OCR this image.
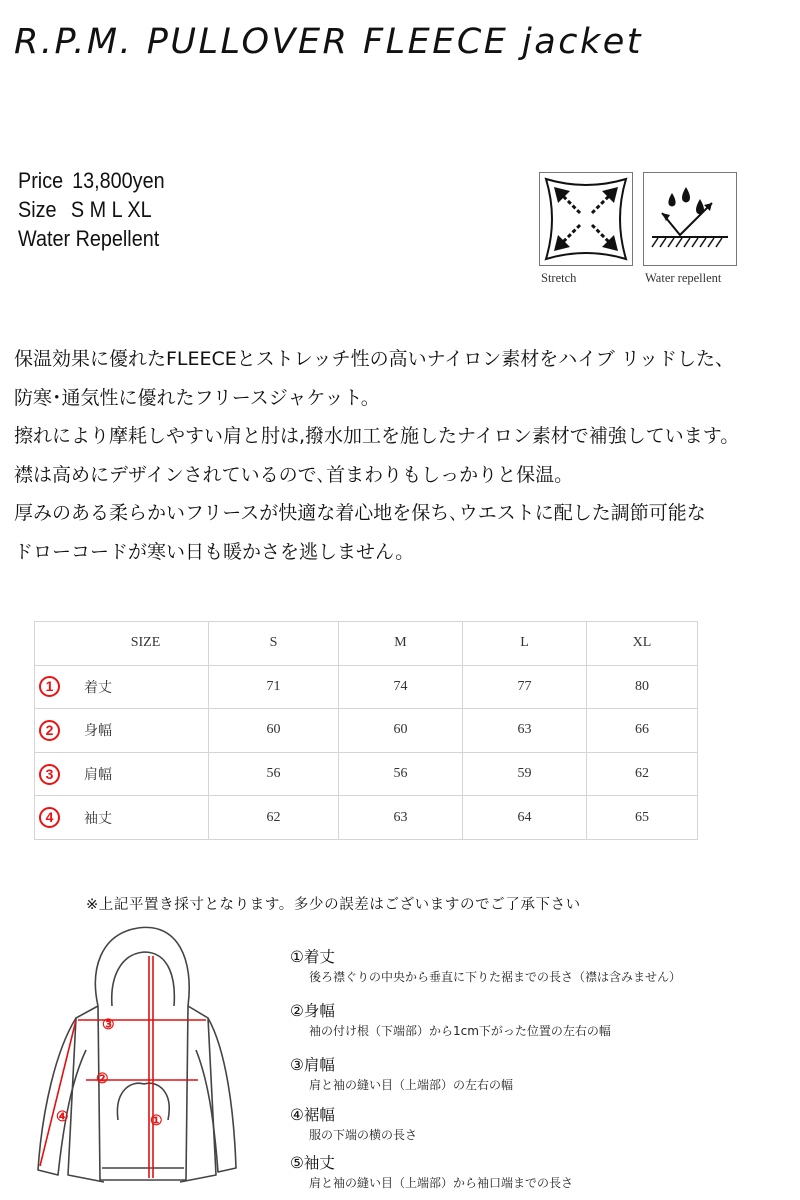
R.P.M. PULLOVER FLEECE jacket
Price 13,800yen
Size S M L XL
Water Repellent
Stretch	Water repellent
保温効果に優れたFLEECEとストレッチ性の高いナイロン素材をハイブ リッドした、
防寒･通気性に優れたフリースジャケット。
擦れにより摩耗しやすい肩と肘は,撥水加工を施したナイロン素材で補強しています。
襟は高めにデザインされているので､首まわりもしっかりと保温。
厚みのある柔らかいフリースが快適な着心地を保ち､ウエストに配した調節可能な
ドローコードが寒い日も暖かさを逃しません。
SIZE	S	M	L	XL
1 着丈	71	74	77	80
2 身幅	60	60	63	66
3 肩幅	56	56	59	62
4 袖丈	62	63	64	65
※上記平置き採寸となります。多少の誤差はございますのでご了承下さい
③
②
④	①
①着丈
後ろ襟ぐりの中央から垂直に下りた裾までの長さ（襟は含みません）
②身幅
袖の付け根（下端部）から1cm下がった位置の左右の幅
③肩幅
肩と袖の縫い目（上端部）の左右の幅
④裾幅
服の下端の横の長さ
⑤袖丈
肩と袖の縫い目（上端部）から袖口端までの長さ
